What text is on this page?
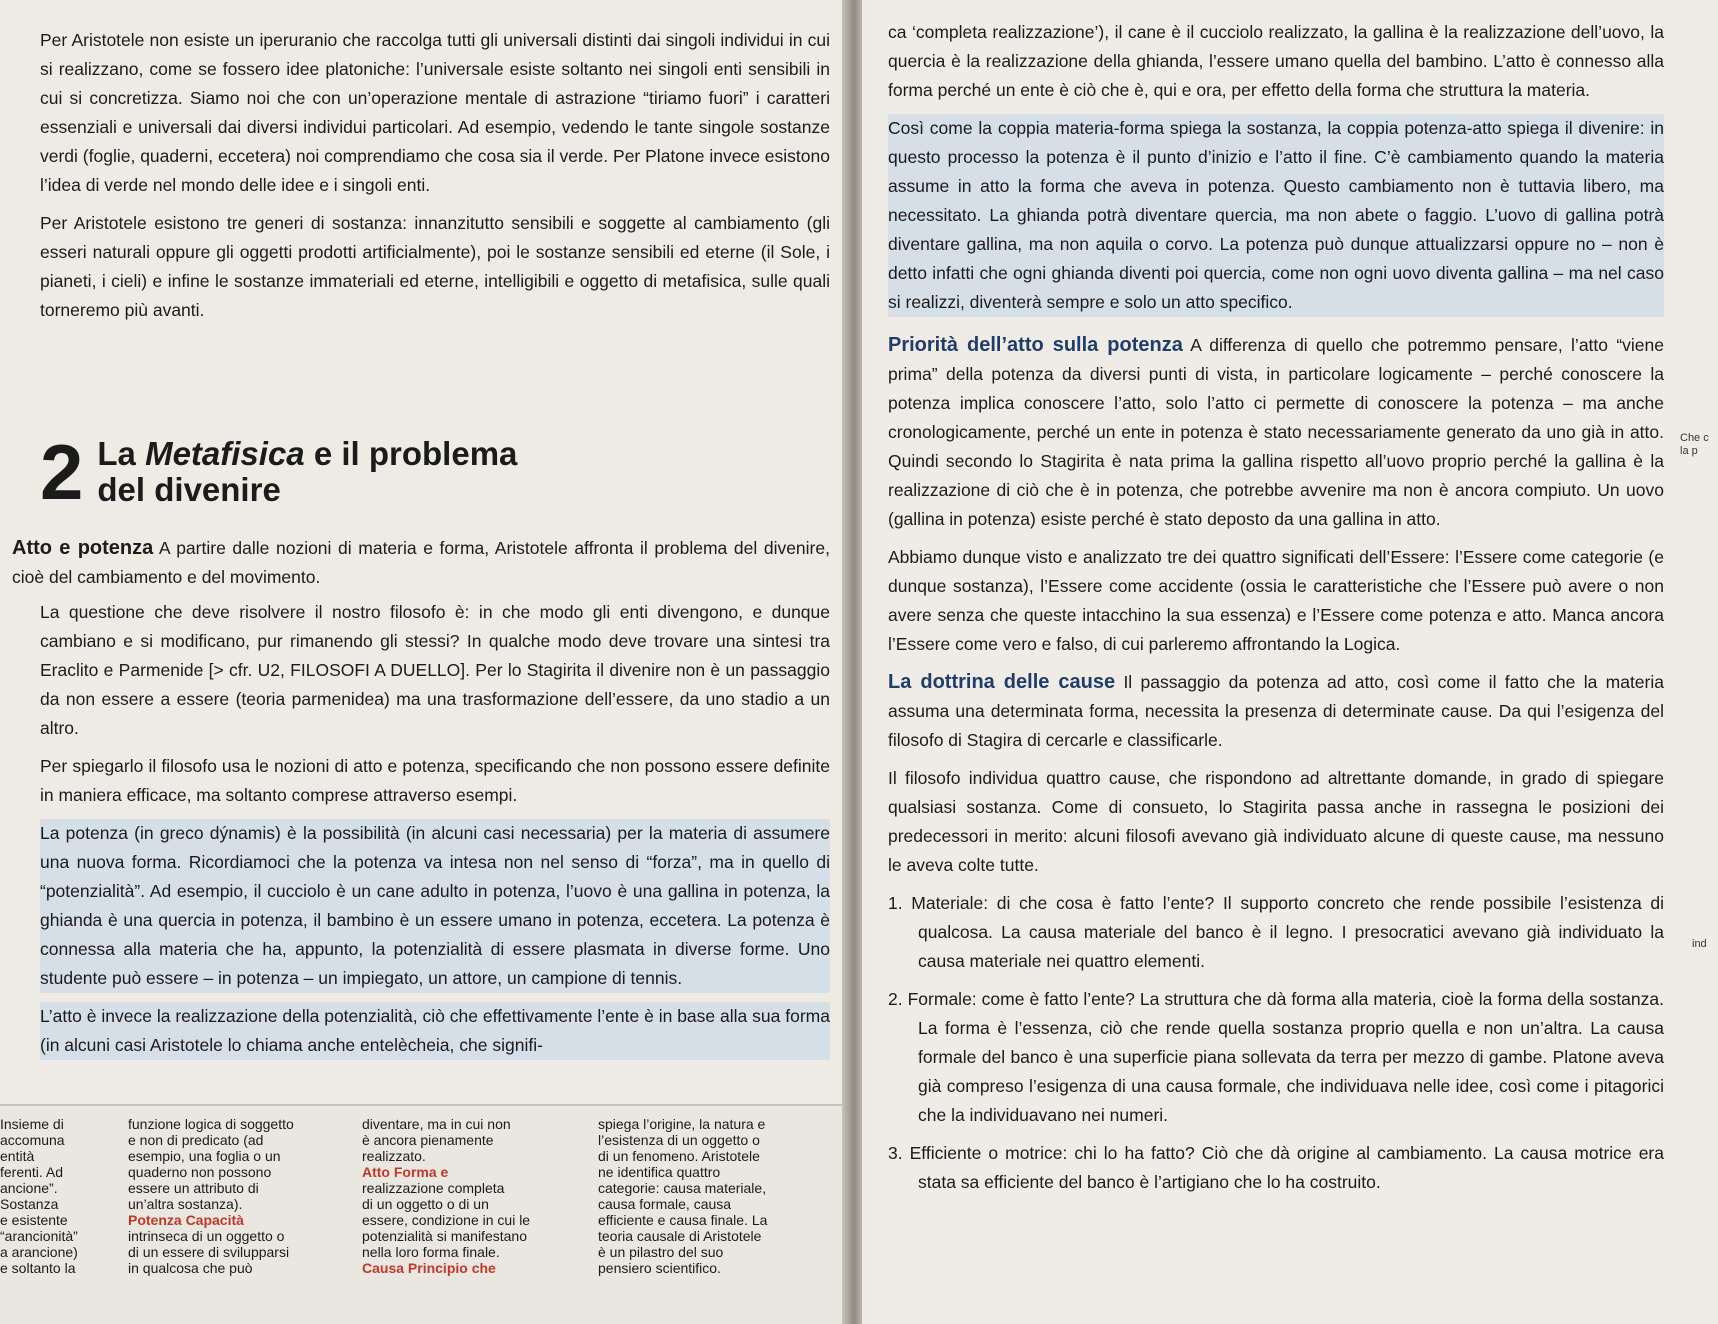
Per Aristotele non esiste un iperuranio che raccolga tutti gli universali distinti dai singoli individui in cui si realizzano, come se fossero idee platoniche: l’universale esiste soltanto nei singoli enti sensibili in cui si concretizza. Siamo noi che con un’operazione mentale di astrazione “tiriamo fuori” i caratteri essenziali e universali dai diversi individui particolari. Ad esempio, vedendo le tante singole sostanze verdi (foglie, quaderni, eccetera) noi comprendiamo che cosa sia il verde. Per Platone invece esistono l’idea di verde nel mondo delle idee e i singoli enti.

Per Aristotele esistono tre generi di sostanza: innanzitutto sensibili e soggette al cambiamento (gli esseri naturali oppure gli oggetti prodotti artificialmente), poi le sostanze sensibili ed eterne (il Sole, i pianeti, i cieli) e infine le sostanze immateriali ed eterne, intelligibili e oggetto di metafisica, sulle quali torneremo più avanti.

2 La Metafisica e il problema
del divenire

Atto e potenza A partire dalle nozioni di materia e forma, Aristotele affronta il problema del divenire, cioè del cambiamento e del movimento.

La questione che deve risolvere il nostro filosofo è: in che modo gli enti divengono, e dunque cambiano e si modificano, pur rimanendo gli stessi? In qualche modo deve trovare una sintesi tra Eraclito e Parmenide [> cfr. U2, FILOSOFI A DUELLO]. Per lo Stagirita il divenire non è un passaggio da non essere a essere (teoria parmenidea) ma una trasformazione dell’essere, da uno stadio a un altro.

Per spiegarlo il filosofo usa le nozioni di atto e potenza, specificando che non possono essere definite in maniera efficace, ma soltanto comprese attraverso esempi.

La potenza (in greco dýnamis) è la possibilità (in alcuni casi necessaria) per la materia di assumere una nuova forma. Ricordiamoci che la potenza va intesa non nel senso di “forza”, ma in quello di “potenzialità”. Ad esempio, il cucciolo è un cane adulto in potenza, l’uovo è una gallina in potenza, la ghianda è una quercia in potenza, il bambino è un essere umano in potenza, eccetera. La potenza è connessa alla materia che ha, appunto, la potenzialità di essere plasmata in diverse forme. Uno studente può essere – in potenza – un impiegato, un attore, un campione di tennis.

L’atto è invece la realizzazione della potenzialità, ciò che effettivamente l’ente è in base alla sua forma (in alcuni casi Aristotele lo chiama anche entelècheia, che signifi-

Insieme di
accomuna
entità
ferenti. Ad
ancione”.
Sostanza
e esistente
“arancionità”
a arancione)
e soltanto la
funzione logica di soggetto
e non di predicato (ad
esempio, una foglia o un
quaderno non possono
essere un attributo di
un’altra sostanza).
Potenza Capacità
intrinseca di un oggetto o
di un essere di svilupparsi
in qualcosa che può
diventare, ma in cui non
è ancora pienamente
realizzato.
Atto Forma e
realizzazione completa
di un oggetto o di un
essere, condizione in cui le
potenzialità si manifestano
nella loro forma finale.
Causa Principio che
spiega l’origine, la natura e
l’esistenza di un oggetto o
di un fenomeno. Aristotele
ne identifica quattro
categorie: causa materiale,
causa formale, causa
efficiente e causa finale. La
teoria causale di Aristotele
è un pilastro del suo
pensiero scientifico.

ca ‘completa realizzazione’), il cane è il cucciolo realizzato, la gallina è la realizzazione dell’uovo, la quercia è la realizzazione della ghianda, l’essere umano quella del bambino. L’atto è connesso alla forma perché un ente è ciò che è, qui e ora, per effetto della forma che struttura la materia.

Così come la coppia materia-forma spiega la sostanza, la coppia potenza-atto spiega il divenire: in questo processo la potenza è il punto d’inizio e l’atto il fine. C’è cambiamento quando la materia assume in atto la forma che aveva in potenza. Questo cambiamento non è tuttavia libero, ma necessitato. La ghianda potrà diventare quercia, ma non abete o faggio. L’uovo di gallina potrà diventare gallina, ma non aquila o corvo. La potenza può dunque attualizzarsi oppure no – non è detto infatti che ogni ghianda diventi poi quercia, come non ogni uovo diventa gallina – ma nel caso si realizzi, diventerà sempre e solo un atto specifico.

Priorità dell’atto sulla potenza A differenza di quello che potremmo pensare, l’atto “viene prima” della potenza da diversi punti di vista, in particolare logicamente – perché conoscere la potenza implica conoscere l’atto, solo l’atto ci permette di conoscere la potenza – ma anche cronologicamente, perché un ente in potenza è stato necessariamente generato da uno già in atto. Quindi secondo lo Stagirita è nata prima la gallina rispetto all’uovo proprio perché la gallina è la realizzazione di ciò che è in potenza, che potrebbe avvenire ma non è ancora compiuto. Un uovo (gallina in potenza) esiste perché è stato deposto da una gallina in atto.

Abbiamo dunque visto e analizzato tre dei quattro significati dell’Essere: l’Essere come categorie (e dunque sostanza), l’Essere come accidente (ossia le caratteristiche che l’Essere può avere o non avere senza che queste intacchino la sua essenza) e l’Essere come potenza e atto. Manca ancora l’Essere come vero e falso, di cui parleremo affrontando la Logica.

La dottrina delle cause Il passaggio da potenza ad atto, così come il fatto che la materia assuma una determinata forma, necessita la presenza di determinate cause. Da qui l’esigenza del filosofo di Stagira di cercarle e classificarle.

Il filosofo individua quattro cause, che rispondono ad altrettante domande, in grado di spiegare qualsiasi sostanza. Come di consueto, lo Stagirita passa anche in rassegna le posizioni dei predecessori in merito: alcuni filosofi avevano già individuato alcune di queste cause, ma nessuno le aveva colte tutte.

1. Materiale: di che cosa è fatto l’ente? Il supporto concreto che rende possibile l’esistenza di qualcosa. La causa materiale del banco è il legno. I presocratici avevano già individuato la causa materiale nei quattro elementi.

2. Formale: come è fatto l’ente? La struttura che dà forma alla materia, cioè la forma della sostanza. La forma è l’essenza, ciò che rende quella sostanza proprio quella e non un’altra. La causa formale del banco è una superficie piana sollevata da terra per mezzo di gambe. Platone aveva già compreso l’esigenza di una causa formale, che individuava nelle idee, così come i pitagorici che la individuavano nei numeri.

3. Efficiente o motrice: chi lo ha fatto? Ciò che dà origine al cambiamento. La causa motrice era stata sa efficiente del banco è l’artigiano che lo ha costruito.

Che c
la p
ind
